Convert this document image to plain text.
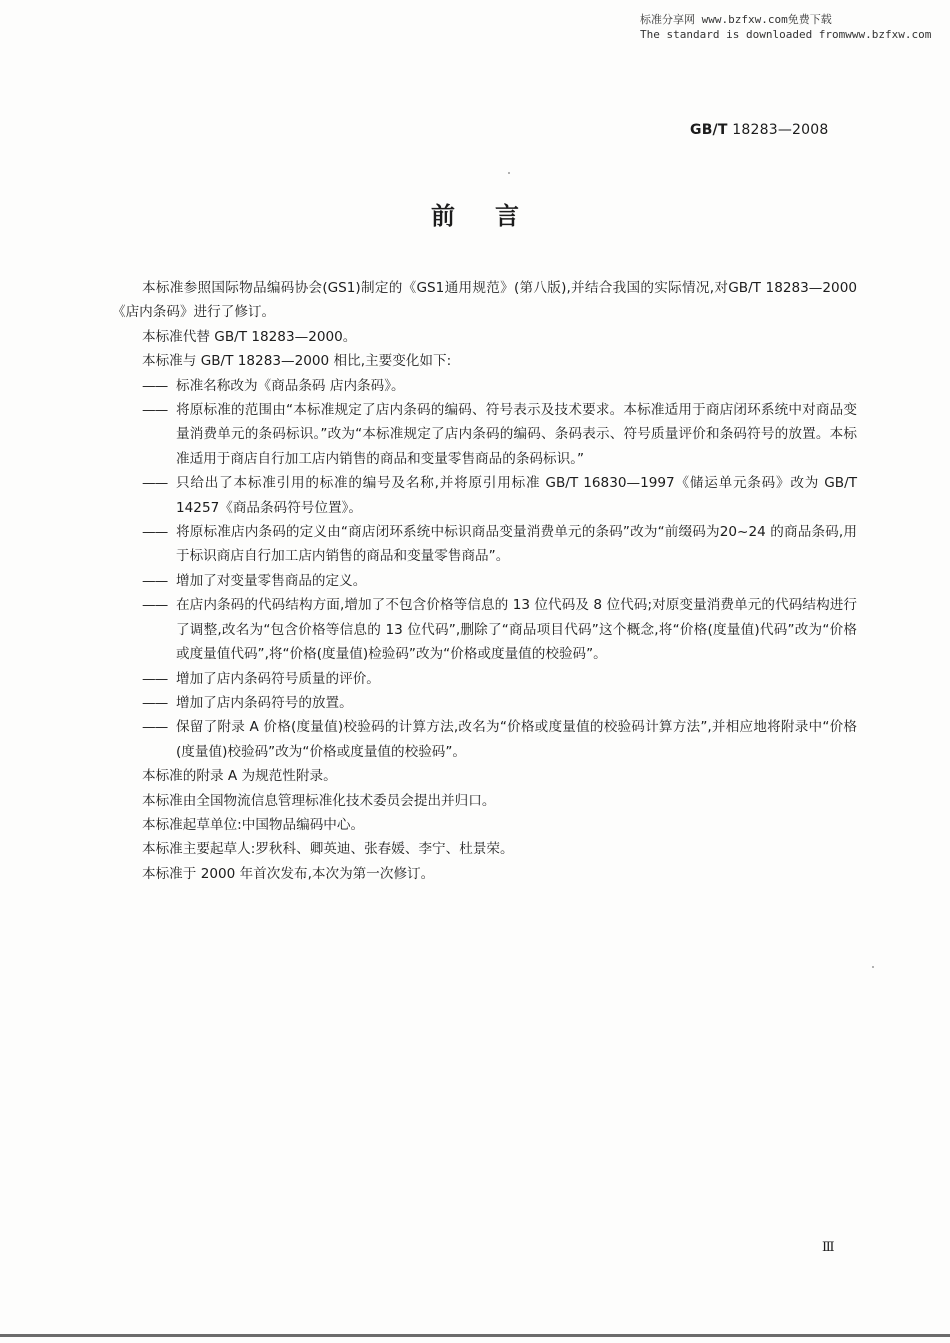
标准分享网 www.bzfxw.com免费下载
The standard is downloaded fromwww.bzfxw.com
GB/T 18283—2008
前言

本标准参照国际物品编码协会(GS1)制定的《GS1通用规范》(第八版),并结合我国的实际情况,对GB/T 18283—2000《店内条码》进行了修订。

本标准代替 GB/T 18283—2000。

本标准与 GB/T 18283—2000 相比,主要变化如下:

—— 标准名称改为《商品条码 店内条码》。

—— 将原标准的范围由“本标准规定了店内条码的编码、符号表示及技术要求。本标准适用于商店闭环系统中对商品变量消费单元的条码标识。”改为“本标准规定了店内条码的编码、条码表示、符号质量评价和条码符号的放置。本标准适用于商店自行加工店内销售的商品和变量零售商品的条码标识。”

—— 只给出了本标准引用的标准的编号及名称,并将原引用标准 GB/T 16830—1997《储运单元条码》改为 GB/T 14257《商品条码符号位置》。

—— 将原标准店内条码的定义由“商店闭环系统中标识商品变量消费单元的条码”改为“前缀码为20~24 的商品条码,用于标识商店自行加工店内销售的商品和变量零售商品”。

—— 增加了对变量零售商品的定义。

—— 在店内条码的代码结构方面,增加了不包含价格等信息的 13 位代码及 8 位代码;对原变量消费单元的代码结构进行了调整,改名为“包含价格等信息的 13 位代码”,删除了“商品项目代码”这个概念,将“价格(度量值)代码”改为“价格或度量值代码”,将“价格(度量值)检验码”改为“价格或度量值的校验码”。

—— 增加了店内条码符号质量的评价。

—— 增加了店内条码符号的放置。

—— 保留了附录 A 价格(度量值)校验码的计算方法,改名为“价格或度量值的校验码计算方法”,并相应地将附录中“价格(度量值)校验码”改为“价格或度量值的校验码”。

本标准的附录 A 为规范性附录。

本标准由全国物流信息管理标准化技术委员会提出并归口。

本标准起草单位:中国物品编码中心。

本标准主要起草人:罗秋科、卿英迪、张春媛、李宁、杜景荣。

本标准于 2000 年首次发布,本次为第一次修订。

Ⅲ
